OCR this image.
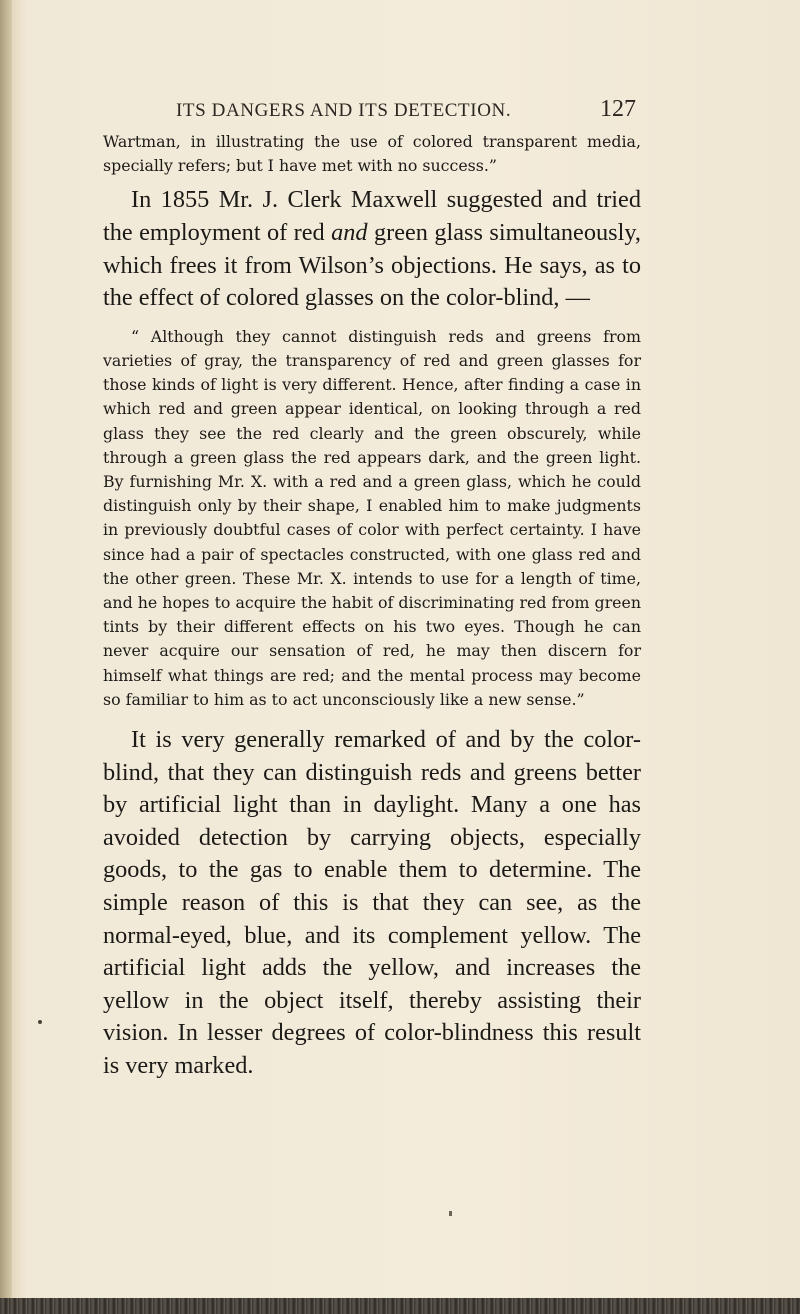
ITS DANGERS AND ITS DETECTION.	127

Wartman, in illustrating the use of colored transparent media, specially refers; but I have met with no success.”

In 1855 Mr. J. Clerk Maxwell suggested and tried the employment of red and green glass simultaneously, which frees it from Wilson’s objections. He says, as to the effect of colored glasses on the color-blind, —

“ Although they cannot distinguish reds and greens from varieties of gray, the transparency of red and green glasses for those kinds of light is very different. Hence, after finding a case in which red and green appear identical, on looking through a red glass they see the red clearly and the green obscurely, while through a green glass the red appears dark, and the green light. By furnishing Mr. X. with a red and a green glass, which he could distinguish only by their shape, I enabled him to make judgments in previously doubtful cases of color with perfect certainty. I have since had a pair of spectacles constructed, with one glass red and the other green. These Mr. X. intends to use for a length of time, and he hopes to acquire the habit of discriminating red from green tints by their different effects on his two eyes. Though he can never acquire our sensation of red, he may then discern for himself what things are red; and the mental process may become so familiar to him as to act unconsciously like a new sense.”

It is very generally remarked of and by the color-blind, that they can distinguish reds and greens better by artificial light than in daylight. Many a one has avoided detection by carrying objects, especially goods, to the gas to enable them to determine. The simple reason of this is that they can see, as the normal-eyed, blue, and its complement yellow. The artificial light adds the yellow, and increases the yellow in the object itself, thereby assisting their vision. In lesser degrees of color-blindness this result is very marked.
